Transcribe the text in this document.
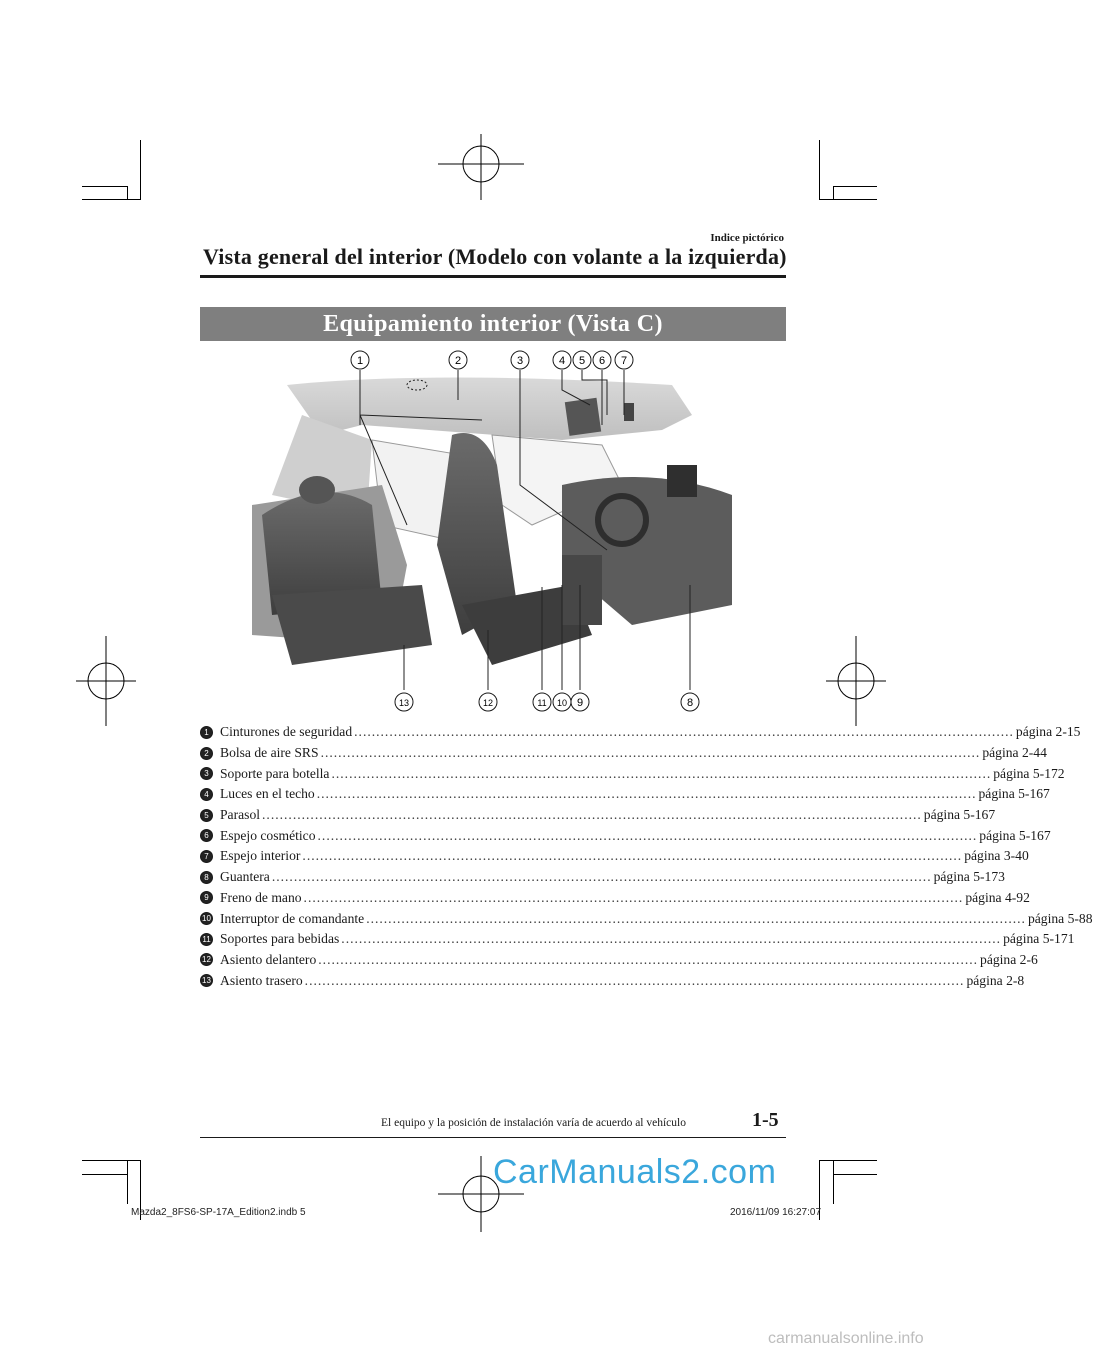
Indice pictórico
Vista general del interior (Modelo con volante a la izquierda)
Equipamiento interior (Vista C)
1	2	3	4 5 6 7
13	12	11 10 9	8
1 Cinturones de seguridad ...................................................................................................................................................... página 2-15
2 Bolsa de aire SRS ...................................................................................................................................................... página 2-44
3 Soporte para botella ...................................................................................................................................................... página 5-172
4 Luces en el techo ...................................................................................................................................................... página 5-167
5 Parasol ...................................................................................................................................................... página 5-167
6 Espejo cosmético ...................................................................................................................................................... página 5-167
7 Espejo interior ...................................................................................................................................................... página 3-40
8 Guantera ...................................................................................................................................................... página 5-173
9 Freno de mano ...................................................................................................................................................... página 4-92
10 Interruptor de comandante ...................................................................................................................................................... página 5-88
11 Soportes para bebidas ...................................................................................................................................................... página 5-171
12 Asiento delantero ...................................................................................................................................................... página 2-6
13 Asiento trasero ...................................................................................................................................................... página 2-8
El equipo y la posición de instalación varía de acuerdo al vehículo	1-5
CarManuals2.com
Mazda2_8FS6-SP-17A_Edition2.indb 5	2016/11/09 16:27:07
carmanualsonline.info
